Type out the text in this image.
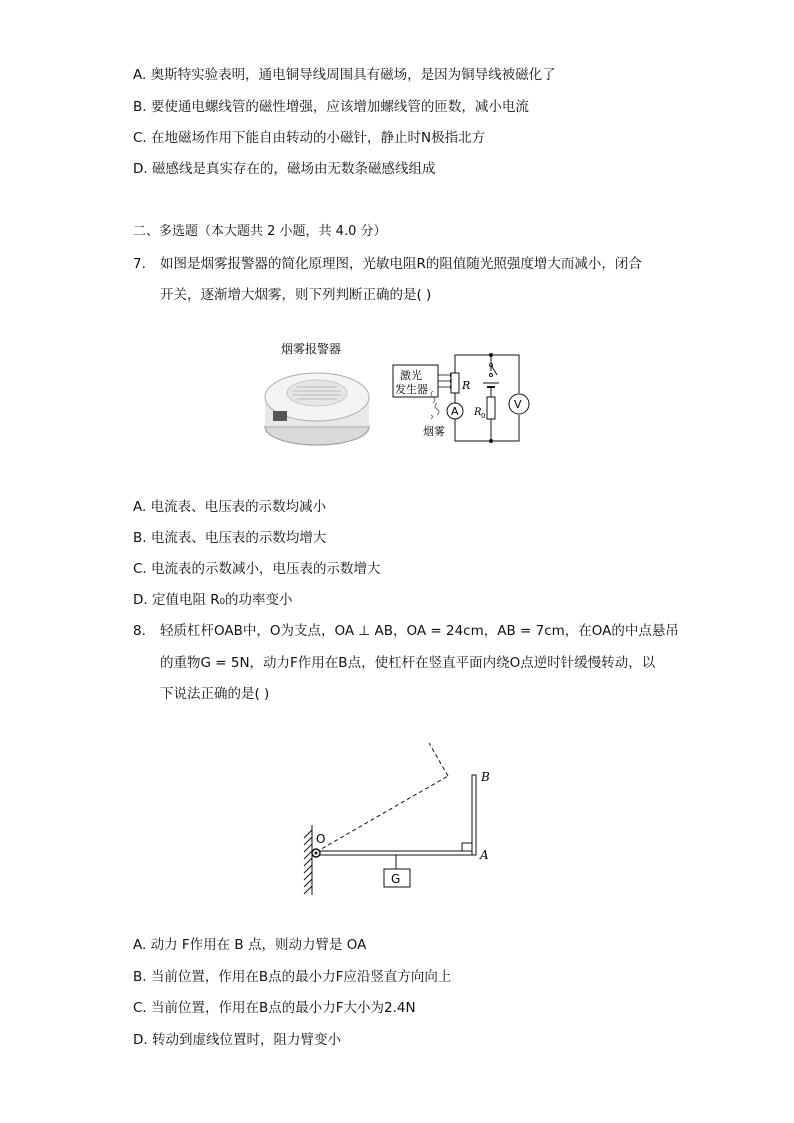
A. 奥斯特实验表明，通电铜导线周围具有磁场，是因为铜导线被磁化了
B. 要使通电螺线管的磁性增强，应该增加螺线管的匝数，减小电流
C. 在地磁场作用下能自由转动的小磁针，静止时N极指北方
D. 磁感线是真实存在的，磁场由无数条磁感线组成
二、多选题（本大题共 2 小题，共 4.0 分）
7. 如图是烟雾报警器的简化原理图，光敏电阻R的阻值随光照强度增大而减小，闭合
开关，逐渐增大烟雾，则下列判断正确的是( )
烟雾报警器
激光
发生器	R
A R 0
V
烟雾
A. 电流表、电压表的示数均减小
B. 电流表、电压表的示数均增大
C. 电流表的示数减小，电压表的示数增大
D. 定值电阻 R₀的功率变小
8. 轻质杠杆OAB中，O为支点，OA ⊥ AB，OA = 24cm，AB = 7cm，在OA的中点悬吊
的重物G = 5N，动力F作用在B点，使杠杆在竖直平面内绕O点逆时针缓慢转动，以
下说法正确的是( )
G
O
A
B
A. 动力 F作用在 B 点，则动力臂是 OA
B. 当前位置，作用在B点的最小力F应沿竖直方向向上
C. 当前位置，作用在B点的最小力F大小为2.4N
D. 转动到虚线位置时，阻力臂变小
